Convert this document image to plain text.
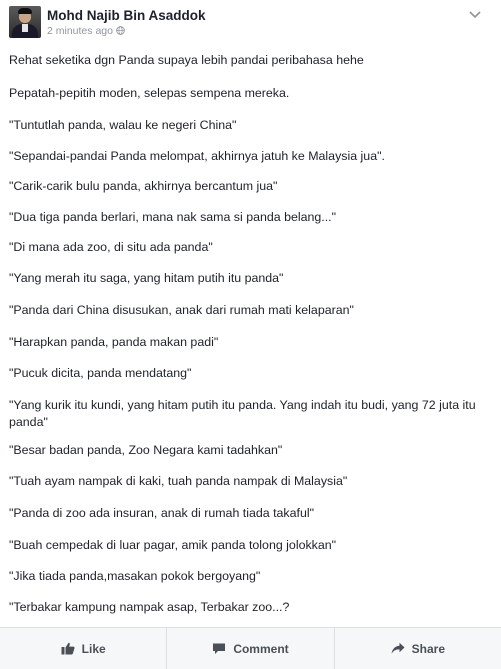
Mohd Najib Bin Asaddok
2 minutes ago

Rehat seketika dgn Panda supaya lebih pandai peribahasa hehe

Pepatah-pepitih moden, selepas sempena mereka.

"Tuntutlah panda, walau ke negeri China"

"Sepandai-pandai Panda melompat, akhirnya jatuh ke Malaysia jua".

"Carik-carik bulu panda, akhirnya bercantum jua"

"Dua tiga panda berlari, mana nak sama si panda belang..."

"Di mana ada zoo, di situ ada panda"

"Yang merah itu saga, yang hitam putih itu panda"

"Panda dari China disusukan, anak dari rumah mati kelaparan"

"Harapkan panda, panda makan padi"

"Pucuk dicita, panda mendatang"

"Yang kurik itu kundi, yang hitam putih itu panda. Yang indah itu budi, yang 72 juta itu panda"

"Besar badan panda, Zoo Negara kami tadahkan"

"Tuah ayam nampak di kaki, tuah panda nampak di Malaysia"

"Panda di zoo ada insuran, anak di rumah tiada takaful"

"Buah cempedak di luar pagar, amik panda tolong jolokkan"

"Jika tiada panda,masakan pokok bergoyang"

"Terbakar kampung nampak asap, Terbakar zoo...?

Like	Comment	Share
